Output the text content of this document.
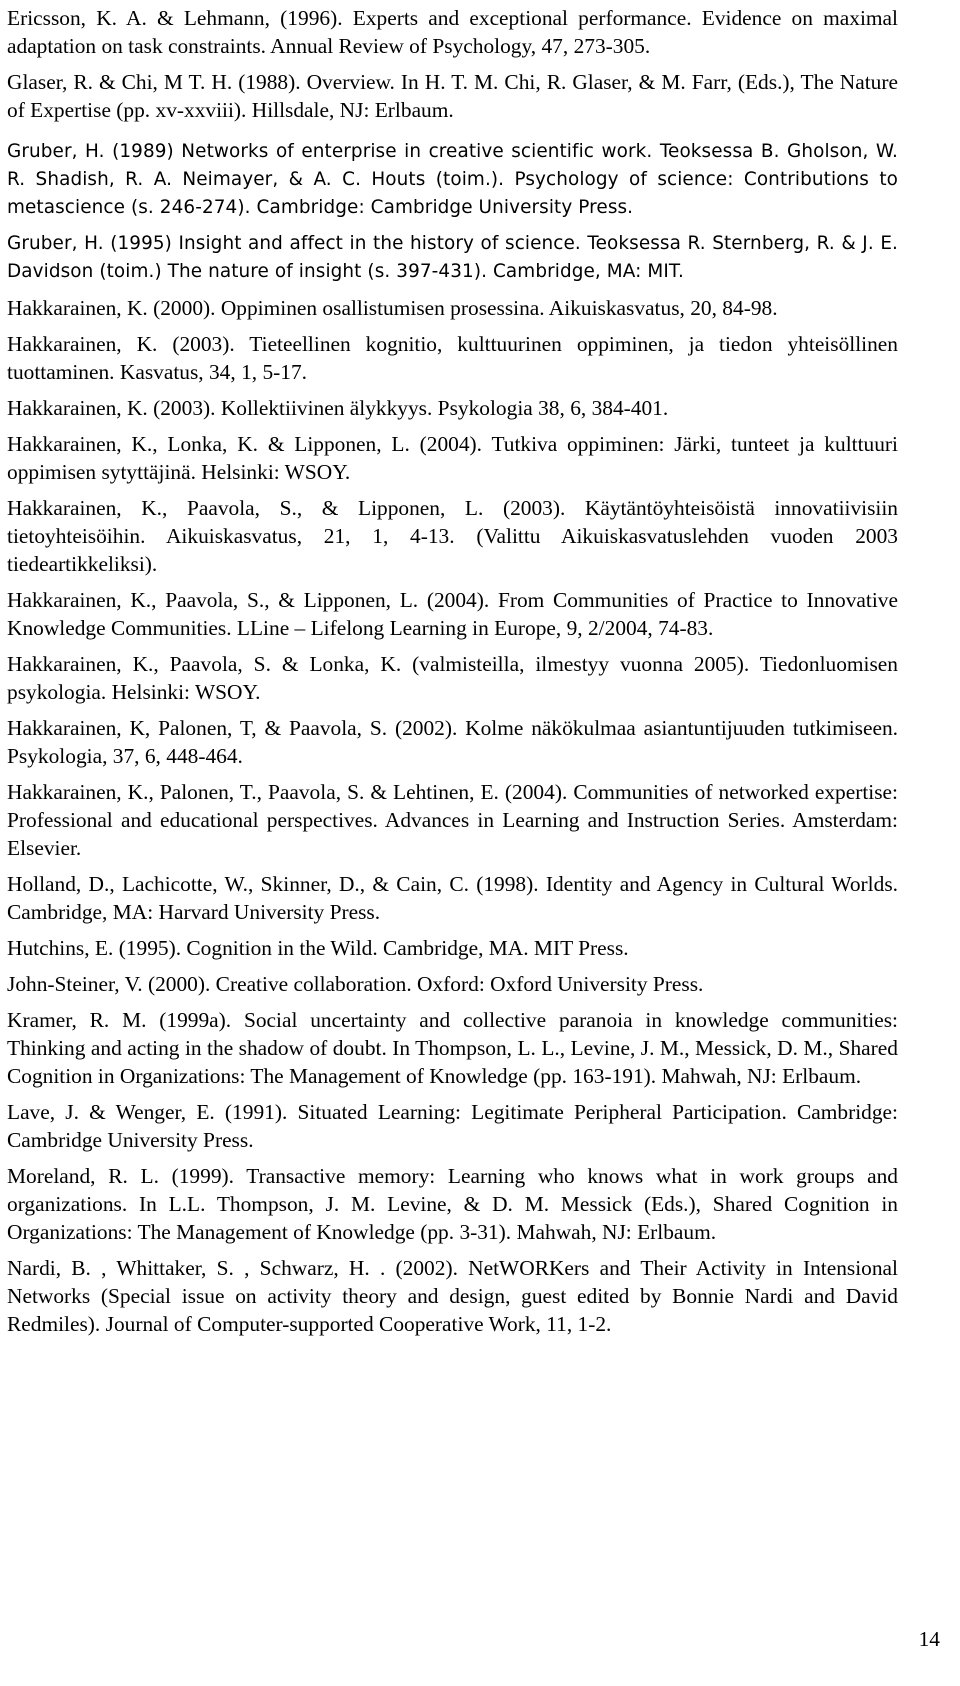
Ericsson, K. A. & Lehmann, (1996). Experts and exceptional performance. Evidence on maximal adaptation on task constraints. Annual Review of Psychology, 47, 273-305.

Glaser, R. & Chi, M T. H. (1988). Overview. In H. T. M. Chi, R. Glaser, & M. Farr, (Eds.), The Nature of Expertise (pp. xv-xxviii). Hillsdale, NJ: Erlbaum.

Gruber, H. (1989) Networks of enterprise in creative scientific work. Teoksessa B. Gholson, W. R. Shadish, R. A. Neimayer, & A. C. Houts (toim.). Psychology of science: Contributions to metascience (s. 246-274). Cambridge: Cambridge University Press.

Gruber, H. (1995) Insight and affect in the history of science. Teoksessa R. Sternberg, R. & J. E. Davidson (toim.) The nature of insight (s. 397-431). Cambridge, MA: MIT.

Hakkarainen, K. (2000). Oppiminen osallistumisen prosessina. Aikuiskasvatus, 20, 84-98.

Hakkarainen, K. (2003). Tieteellinen kognitio, kulttuurinen oppiminen, ja tiedon yhteisöllinen tuottaminen. Kasvatus, 34, 1, 5-17.

Hakkarainen, K. (2003). Kollektiivinen älykkyys. Psykologia 38, 6, 384-401.

Hakkarainen, K., Lonka, K. & Lipponen, L. (2004). Tutkiva oppiminen: Järki, tunteet ja kulttuuri oppimisen sytyttäjinä. Helsinki: WSOY.

Hakkarainen, K., Paavola, S., & Lipponen, L. (2003). Käytäntöyhteisöistä innovatiivisiin tietoyhteisöihin. Aikuiskasvatus, 21, 1, 4-13. (Valittu Aikuiskasvatuslehden vuoden 2003 tiedeartikkeliksi).

Hakkarainen, K., Paavola, S., & Lipponen, L. (2004). From Communities of Practice to Innovative Knowledge Communities. LLine – Lifelong Learning in Europe, 9, 2/2004, 74-83.

Hakkarainen, K., Paavola, S. & Lonka, K. (valmisteilla, ilmestyy vuonna 2005). Tiedonluomisen psykologia. Helsinki: WSOY.

Hakkarainen, K, Palonen, T, & Paavola, S. (2002). Kolme näkökulmaa asiantuntijuuden tutkimiseen. Psykologia, 37, 6, 448-464.

Hakkarainen, K., Palonen, T., Paavola, S. & Lehtinen, E. (2004). Communities of networked expertise: Professional and educational perspectives. Advances in Learning and Instruction Series. Amsterdam: Elsevier.

Holland, D., Lachicotte, W., Skinner, D., & Cain, C. (1998). Identity and Agency in Cultural Worlds. Cambridge, MA: Harvard University Press.

Hutchins, E. (1995). Cognition in the Wild. Cambridge, MA. MIT Press.

John-Steiner, V. (2000). Creative collaboration. Oxford: Oxford University Press.

Kramer, R. M. (1999a). Social uncertainty and collective paranoia in knowledge communities: Thinking and acting in the shadow of doubt. In Thompson, L. L., Levine, J. M., Messick, D. M., Shared Cognition in Organizations: The Management of Knowledge (pp. 163-191). Mahwah, NJ: Erlbaum.

Lave, J. & Wenger, E. (1991). Situated Learning: Legitimate Peripheral Participation. Cambridge: Cambridge University Press.

Moreland, R. L. (1999). Transactive memory: Learning who knows what in work groups and organizations. In L.L. Thompson, J. M. Levine, & D. M. Messick (Eds.), Shared Cognition in Organizations: The Management of Knowledge (pp. 3-31). Mahwah, NJ: Erlbaum.

Nardi, B. , Whittaker, S. , Schwarz, H. . (2002). NetWORKers and Their Activity in Intensional Networks (Special issue on activity theory and design, guest edited by Bonnie Nardi and David Redmiles). Journal of Computer-supported Cooperative Work, 11, 1-2.

14
